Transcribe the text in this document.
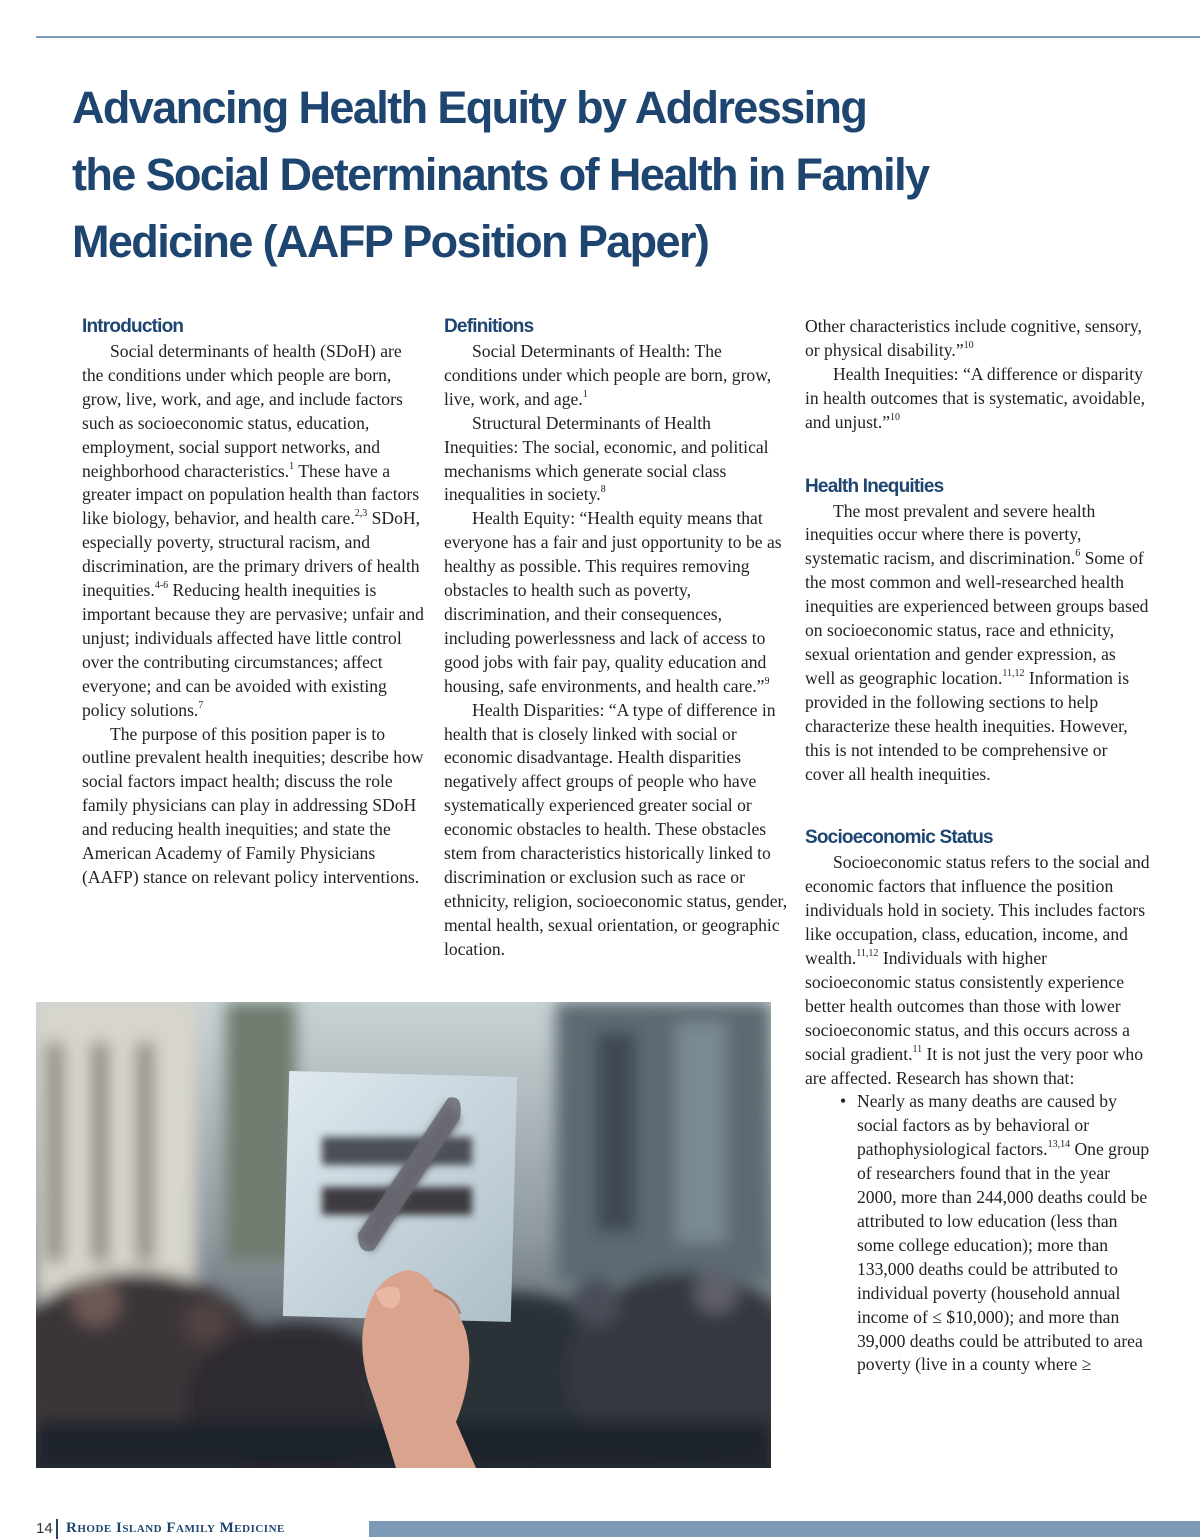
Advancing Health Equity by Addressing
the Social Determinants of Health in Family
Medicine (AAFP Position Paper)
Introduction

Social determinants of health (SDoH) are the conditions under which people are born, grow, live, work, and age, and include factors such as socioeconomic status, education, employment, social support networks, and neighborhood characteristics.$^1$ These have a greater impact on population health than factors like biology, behavior, and health care.$^{2,3}$ SDoH, especially poverty, structural racism, and discrimination, are the primary drivers of health inequities.$^{4-6}$ Reducing health inequities is important because they are pervasive; unfair and unjust; individuals affected have little control over the contributing circumstances; affect everyone; and can be avoided with existing policy solutions.$^7$

The purpose of this position paper is to outline prevalent health inequities; describe how social factors impact health; discuss the role family physicians can play in addressing SDoH and reducing health inequities; and state the American Academy of Family Physicians (AAFP) stance on relevant policy interventions.

Definitions

Social Determinants of Health: The conditions under which people are born, grow, live, work, and age.$^1$

Structural Determinants of Health Inequities: The social, economic, and political mechanisms which generate social class inequalities in society.$^8$

Health Equity: “Health equity means that everyone has a fair and just opportunity to be as healthy as possible. This requires removing obstacles to health such as poverty, discrimination, and their consequences, including powerlessness and lack of access to good jobs with fair pay, quality education and housing, safe environments, and health care.”$^9$

Health Disparities: “A type of difference in health that is closely linked with social or economic disadvantage. Health disparities negatively affect groups of people who have systematically experienced greater social or economic obstacles to health. These obstacles stem from characteristics historically linked to discrimination or exclusion such as race or ethnicity, religion, socioeconomic status, gender, mental health, sexual orientation, or geographic location.

Other characteristics include cognitive, sensory, or physical disability.”$^{10}$

Health Inequities: “A difference or disparity in health outcomes that is systematic, avoidable, and unjust.”$^{10}$

Health Inequities

The most prevalent and severe health inequities occur where there is poverty, systematic racism, and discrimination.$^6$ Some of the most common and well-researched health inequities are experienced between groups based on socioeconomic status, race and ethnicity, sexual orientation and gender expression, as well as geographic location.$^{11,12}$ Information is provided in the following sections to help characterize these health inequities. However, this is not intended to be comprehensive or cover all health inequities.

Socioeconomic Status

Socioeconomic status refers to the social and economic factors that influence the position individuals hold in society. This includes factors like occupation, class, education, income, and wealth.$^{11,12}$ Individuals with higher socioeconomic status consistently experience better health outcomes than those with lower socioeconomic status, and this occurs across a social gradient.$^{11}$ It is not just the very poor who are affected. Research has shown that:

• Nearly as many deaths are caused by social factors as by behavioral or pathophysiological factors.$^{13,14}$ One group of researchers found that in the year 2000, more than 244,000 deaths could be attributed to low education (less than some college education); more than 133,000 deaths could be attributed to individual poverty (household annual income of ≤ $10,000); and more than 39,000 deaths could be attributed to area poverty (live in a county where ≥
14 Rhode Island Family Medicine
